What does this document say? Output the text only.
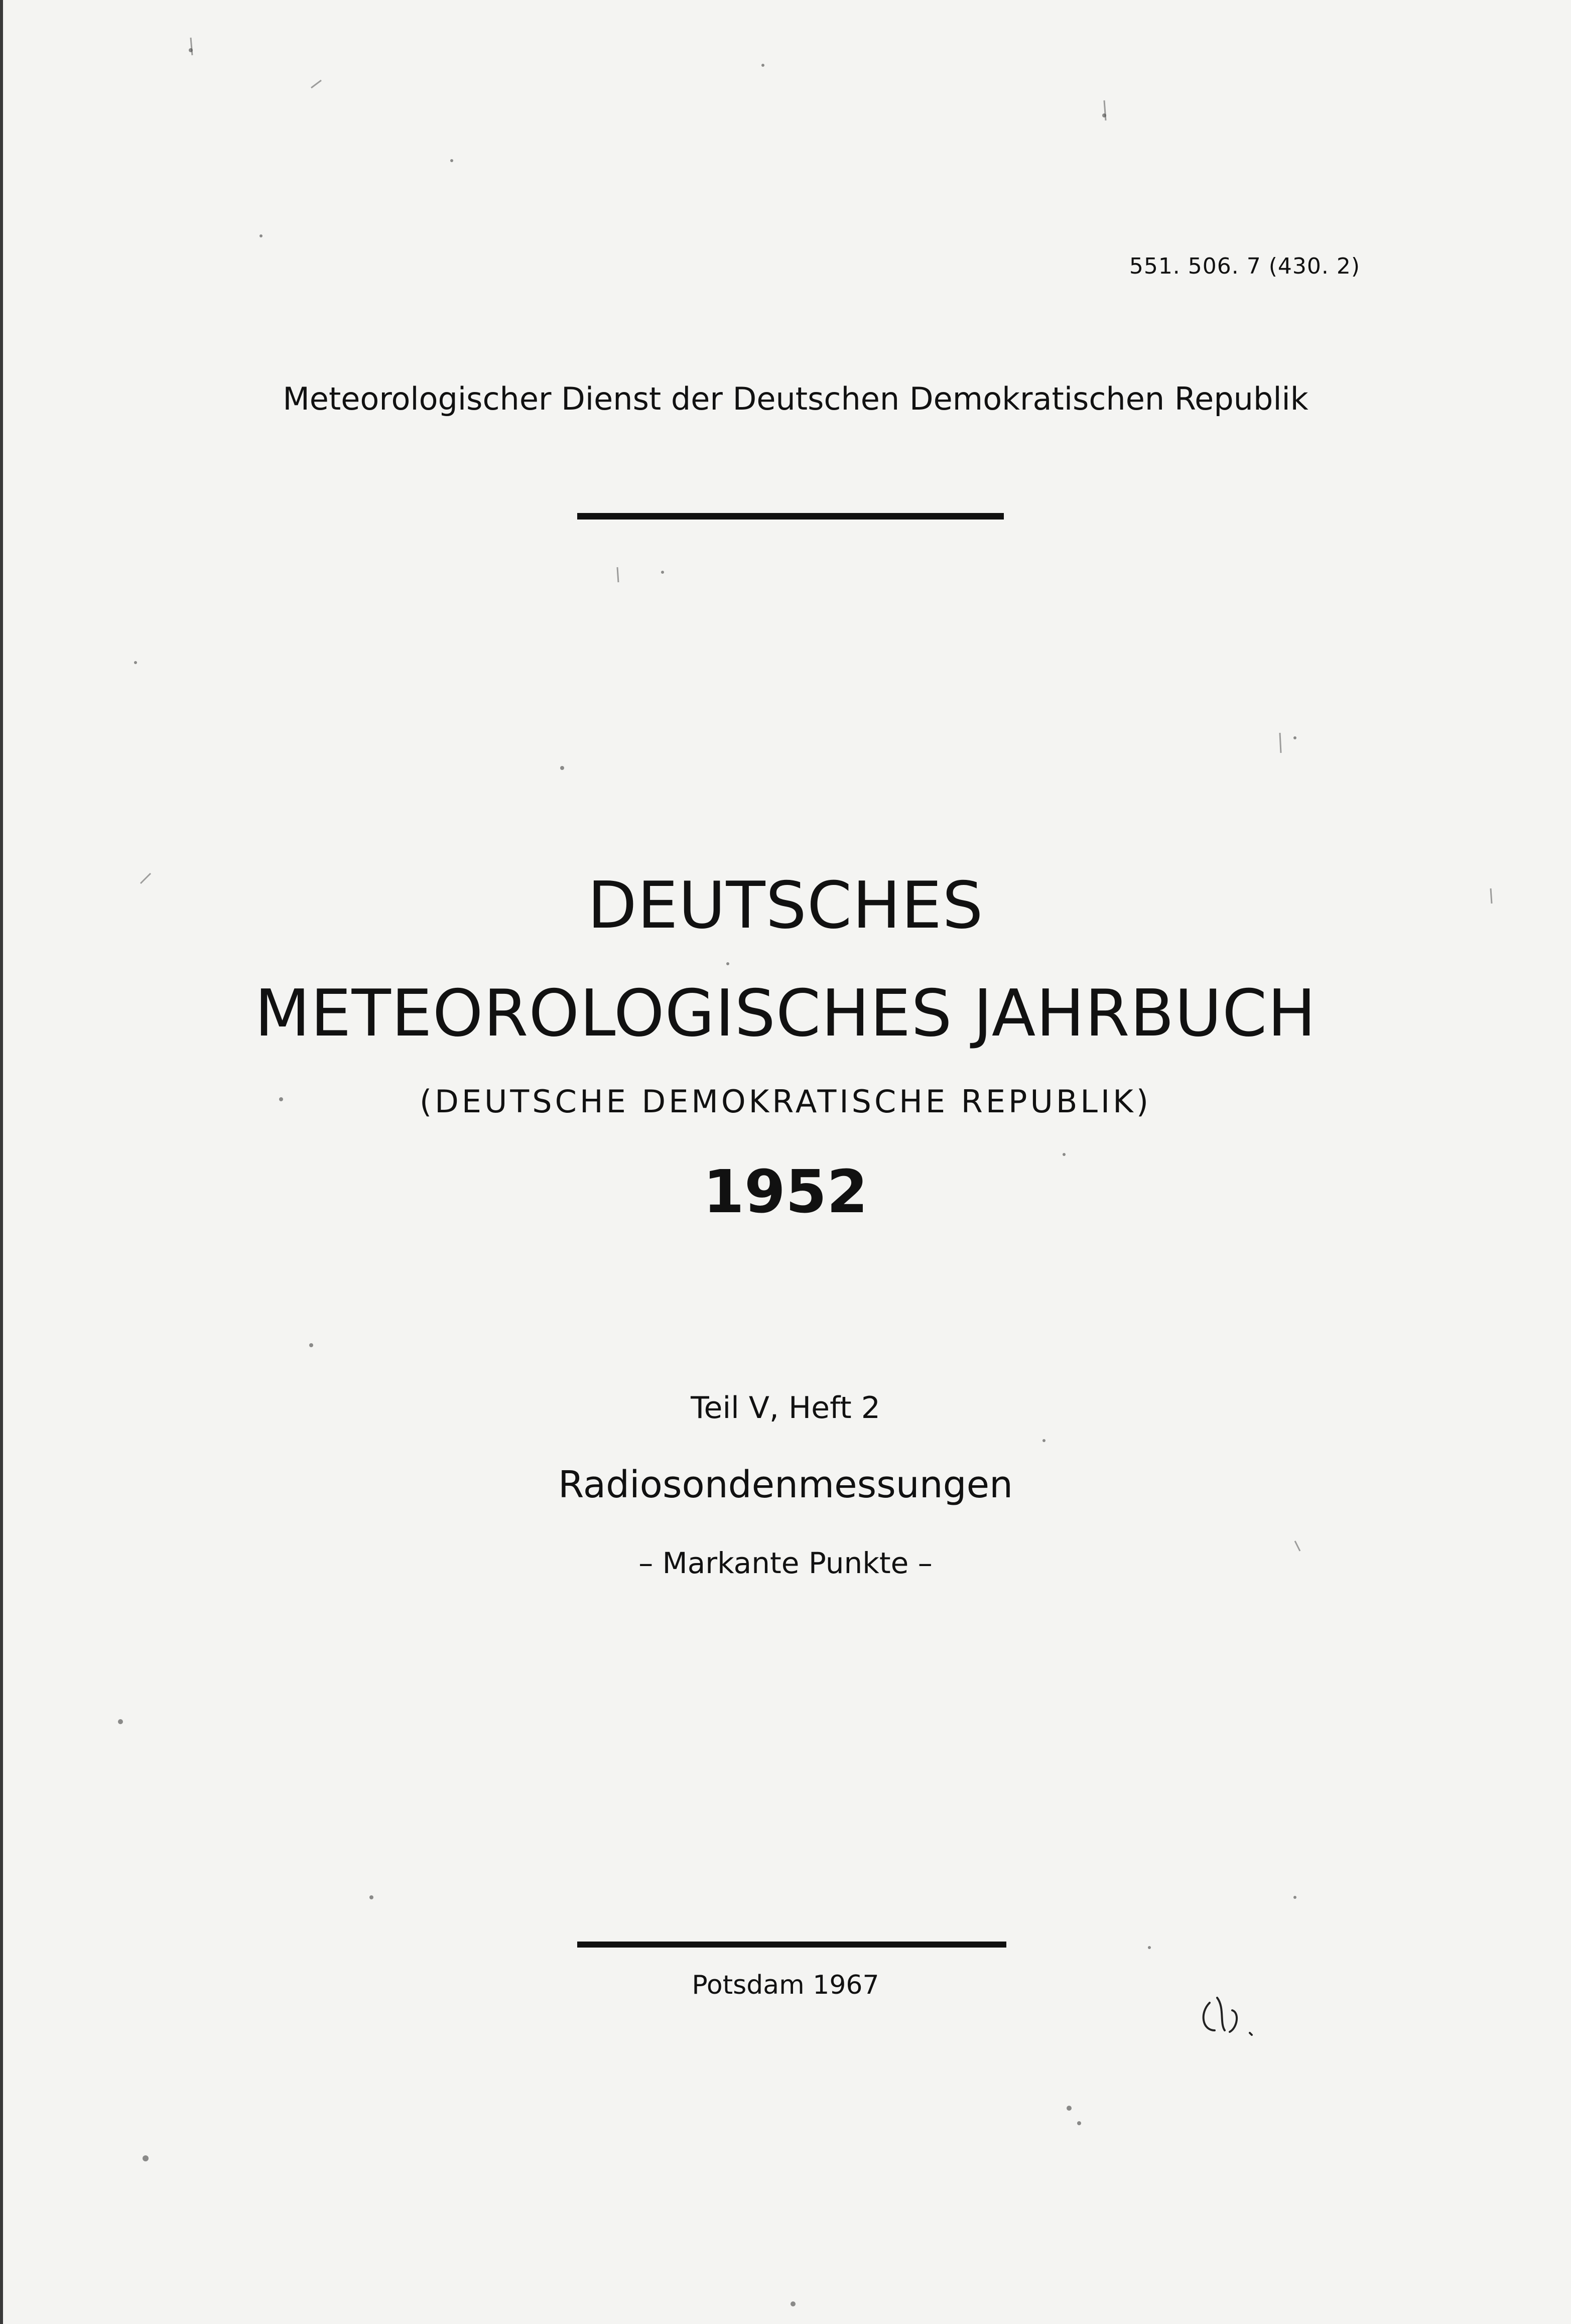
551. 506. 7 (430. 2)
Meteorologischer Dienst der Deutschen Demokratischen Republik
DEUTSCHES
METEOROLOGISCHES JAHRBUCH
(DEUTSCHE DEMOKRATISCHE REPUBLIK)
1952
Teil V, Heft 2
Radiosondenmessungen
– Markante Punkte –
Potsdam 1967
